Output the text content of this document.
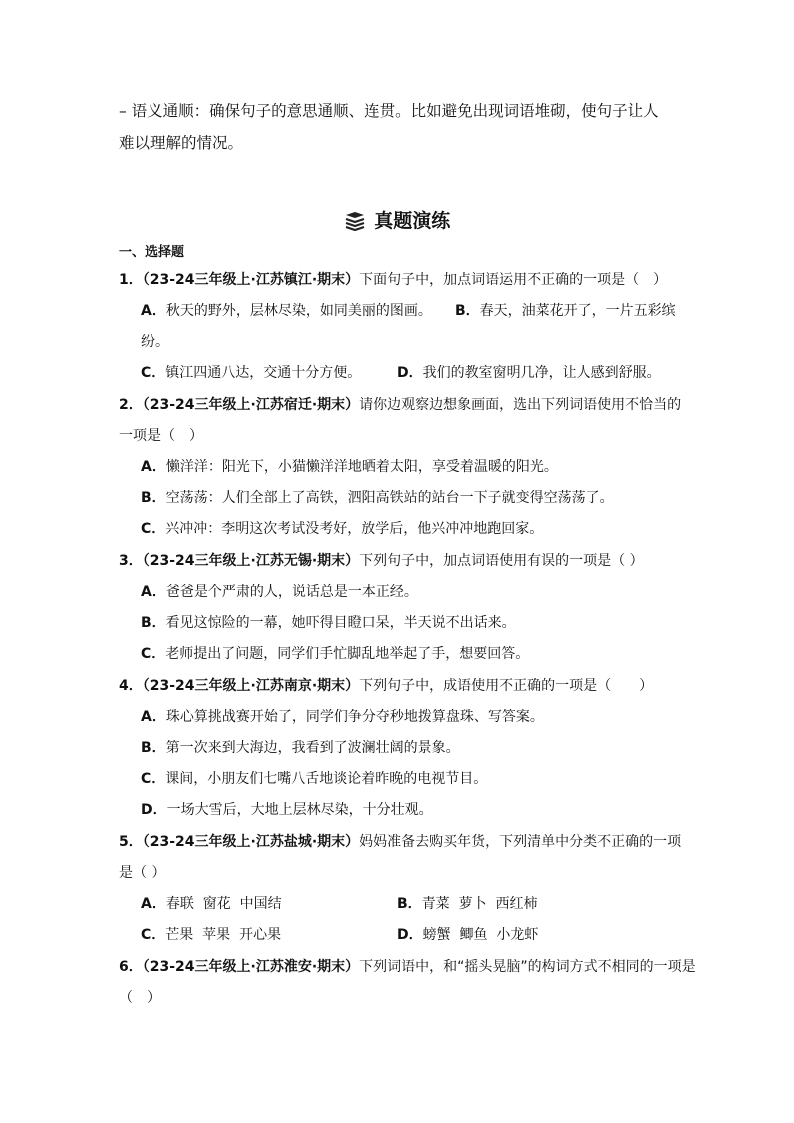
– 语义通顺：确保句子的意思通顺、连贯。比如避免出现词语堆砌，使句子让人
难以理解的情况。
真题演练
一、选择题
1．（23-24三年级上·江苏镇江·期末）下面句子中，加点词语运用不正确的一项是（　）
A．秋天的野外，层林尽染，如同美丽的图画。 B．春天，油菜花开了，一片五彩缤
纷。
C．镇江四通八达，交通十分方便。	D．我们的教室窗明几净，让人感到舒服。
2．（23-24三年级上·江苏宿迁·期末）请你边观察边想象画面，选出下列词语使用不恰当的
一项是（　）
A．懒洋洋：阳光下，小猫懒洋洋地晒着太阳，享受着温暖的阳光。
B．空荡荡：人们全部上了高铁，泗阳高铁站的站台一下子就变得空荡荡了。
C．兴冲冲：李明这次考试没考好，放学后，他兴冲冲地跑回家。
3．（23-24三年级上·江苏无锡·期末）下列句子中，加点词语使用有误的一项是（ ）
A．爸爸是个严肃的人，说话总是一本正经。
B．看见这惊险的一幕，她吓得目瞪口呆，半天说不出话来。
C．老师提出了问题，同学们手忙脚乱地举起了手，想要回答。
4．（23-24三年级上·江苏南京·期末）下列句子中，成语使用不正确的一项是（　　）
A．珠心算挑战赛开始了，同学们争分夺秒地拨算盘珠、写答案。
B．第一次来到大海边，我看到了波澜壮阔的景象。
C．课间，小朋友们七嘴八舌地谈论着昨晚的电视节目。
D．一场大雪后，大地上层林尽染，十分壮观。
5．（23-24三年级上·江苏盐城·期末）妈妈准备去购买年货，下列清单中分类不正确的一项
是（ ）
A．春联  窗花  中国结	B．青菜  萝卜  西红柿
C．芒果  苹果  开心果	D．螃蟹  鲫鱼  小龙虾
6．（23-24三年级上·江苏淮安·期末）下列词语中，和“摇头晃脑”的构词方式不相同的一项是
（　）
